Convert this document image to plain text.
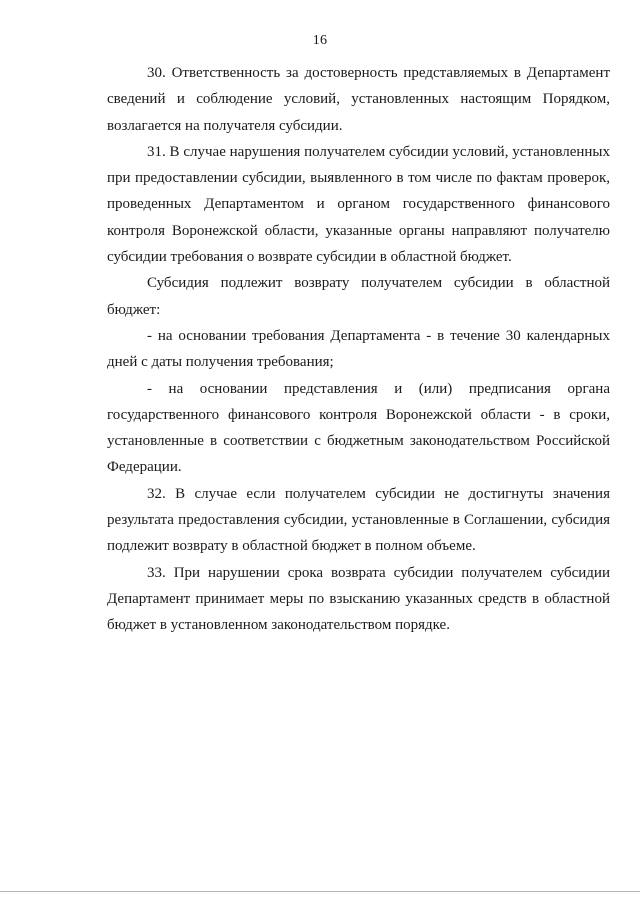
16

30. Ответственность за достоверность представляемых в Департамент сведений и соблюдение условий, установленных настоящим Порядком, возлагается на получателя субсидии.

31. В случае нарушения получателем субсидии условий, установленных при предоставлении субсидии, выявленного в том числе по фактам проверок, проведенных Департаментом и органом государственного финансового контроля Воронежской области, указанные органы направляют получателю субсидии требования о возврате субсидии в областной бюджет.

Субсидия подлежит возврату получателем субсидии в областной бюджет:

- на основании требования Департамента - в течение 30 календарных дней с даты получения требования;

- на основании представления и (или) предписания органа государственного финансового контроля Воронежской области - в сроки, установленные в соответствии с бюджетным законодательством Российской Федерации.

32. В случае если получателем субсидии не достигнуты значения результата предоставления субсидии, установленные в Соглашении, субсидия подлежит возврату в областной бюджет в полном объеме.

33. При нарушении срока возврата субсидии получателем субсидии Департамент принимает меры по взысканию указанных средств в областной бюджет в установленном законодательством порядке.
